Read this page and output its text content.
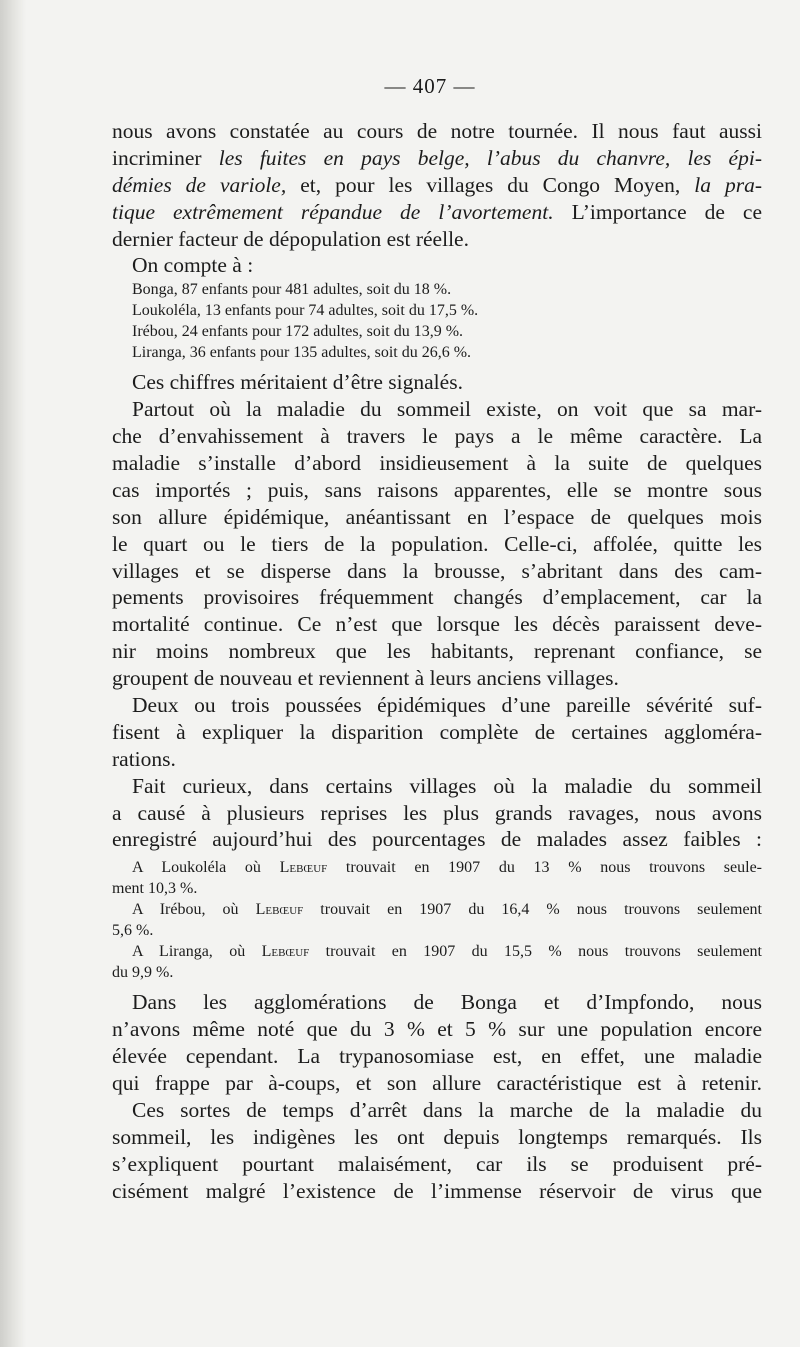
— 407 —
nous avons constatée au cours de notre tournée. Il nous faut aussi
incriminer les fuites en pays belge, l’abus du chanvre, les épi-
démies de variole, et, pour les villages du Congo Moyen, la pra-
tique extrêmement répandue de l’avortement. L’importance de ce
dernier facteur de dépopulation est réelle.
On compte à :
Bonga, 87 enfants pour 481 adultes, soit du 18 %.
Loukoléla, 13 enfants pour 74 adultes, soit du 17,5 %.
Irébou, 24 enfants pour 172 adultes, soit du 13,9 %.
Liranga, 36 enfants pour 135 adultes, soit du 26,6 %.
Ces chiffres méritaient d’être signalés.
Partout où la maladie du sommeil existe, on voit que sa mar-
che d’envahissement à travers le pays a le même caractère. La
maladie s’installe d’abord insidieusement à la suite de quelques
cas importés ; puis, sans raisons apparentes, elle se montre sous
son allure épidémique, anéantissant en l’espace de quelques mois
le quart ou le tiers de la population. Celle-ci, affolée, quitte les
villages et se disperse dans la brousse, s’abritant dans des cam-
pements provisoires fréquemment changés d’emplacement, car la
mortalité continue. Ce n’est que lorsque les décès paraissent deve-
nir moins nombreux que les habitants, reprenant confiance, se
groupent de nouveau et reviennent à leurs anciens villages.
Deux ou trois poussées épidémiques d’une pareille sévérité suf-
fisent à expliquer la disparition complète de certaines aggloméra-
rations.
Fait curieux, dans certains villages où la maladie du sommeil
a causé à plusieurs reprises les plus grands ravages, nous avons
enregistré aujourd’hui des pourcentages de malades assez faibles :
A Loukoléla où Lebœuf trouvait en 1907 du 13 % nous trouvons seule-
ment 10,3 %.
A Irébou, où Lebœuf trouvait en 1907 du 16,4 % nous trouvons seulement
5,6 %.
A Liranga, où Lebœuf trouvait en 1907 du 15,5 % nous trouvons seulement
du 9,9 %.
Dans les agglomérations de Bonga et d’Impfondo, nous
n’avons même noté que du 3 % et 5 % sur une population encore
élevée cependant. La trypanosomiase est, en effet, une maladie
qui frappe par à-coups, et son allure caractéristique est à retenir.
Ces sortes de temps d’arrêt dans la marche de la maladie du
sommeil, les indigènes les ont depuis longtemps remarqués. Ils
s’expliquent pourtant malaisément, car ils se produisent pré-
cisément malgré l’existence de l’immense réservoir de virus que
